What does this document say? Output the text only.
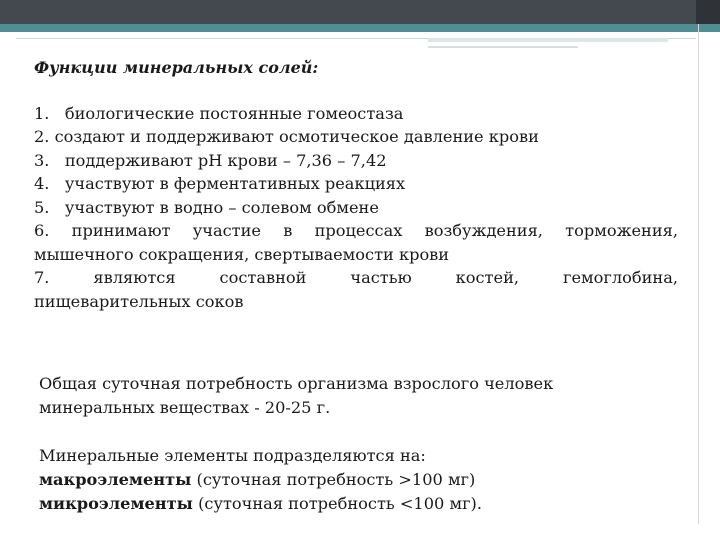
Функции минеральных солей:
1.   биологические постоянные гомеостаза
2. создают и поддерживают осмотическое давление крови
3.   поддерживают рН крови – 7,36 – 7,42
4.   участвуют в ферментативных реакциях
5.   участвуют в водно – солевом обмене
6. принимают участие в процессах возбуждения, торможения,
мышечного сокращения, свертываемости крови
7. являются составной частью костей, гемоглобина,
пищеварительных соков
Общая суточная потребность организма взрослого человек
минеральных веществах - 20-25 г.
Минеральные элементы подразделяются на:
макроэлементы (суточная потребность >100 мг)
микроэлементы (суточная потребность <100 мг).
